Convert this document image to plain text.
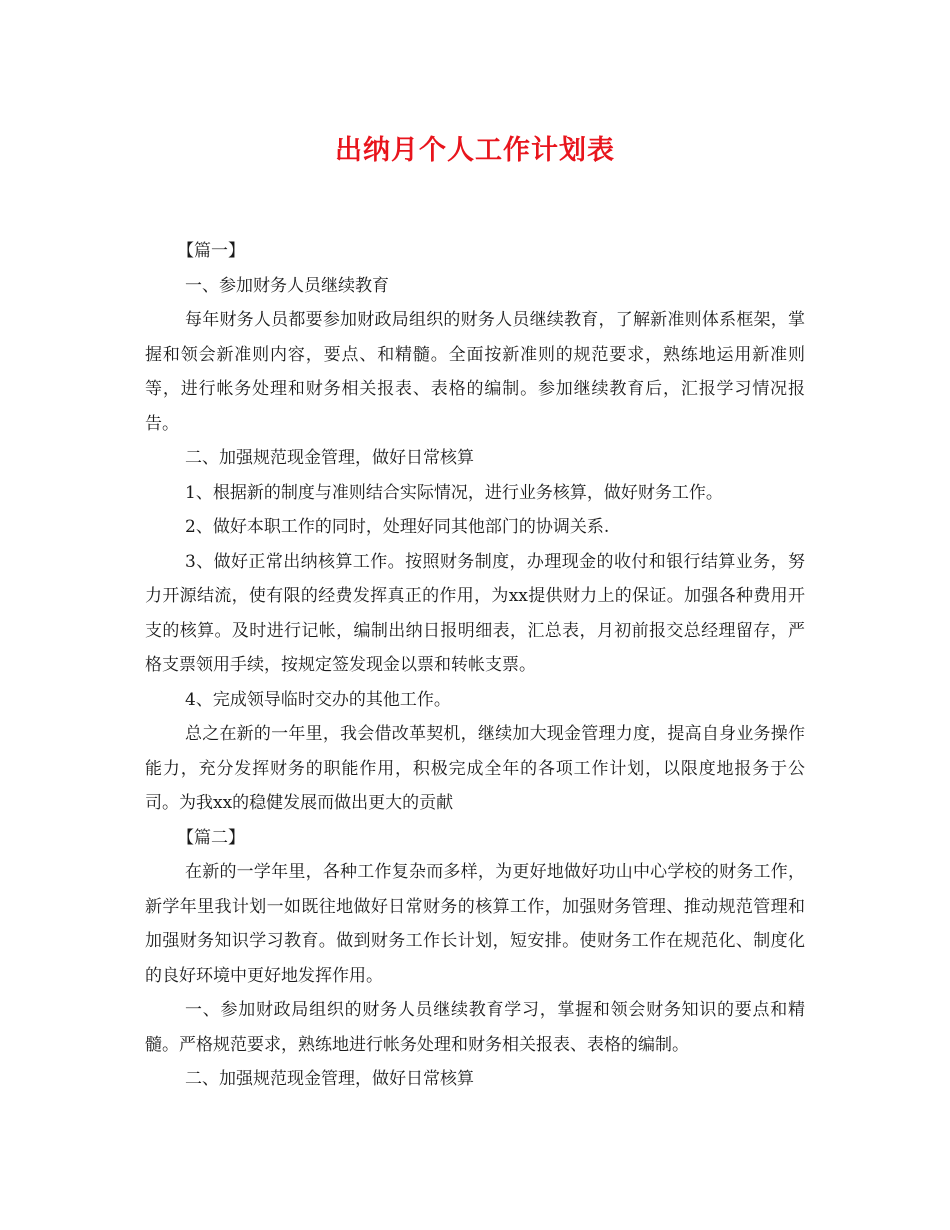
出纳月个人工作计划表

【篇一】

一、参加财务人员继续教育

每年财务人员都要参加财政局组织的财务人员继续教育，了解新准则体系框架，掌握和领会新准则内容，要点、和精髓。全面按新准则的规范要求，熟练地运用新准则等，进行帐务处理和财务相关报表、表格的编制。参加继续教育后，汇报学习情况报告。

二、加强规范现金管理，做好日常核算

1、根据新的制度与准则结合实际情况，进行业务核算，做好财务工作。

2、做好本职工作的同时，处理好同其他部门的协调关系.

3、做好正常出纳核算工作。按照财务制度，办理现金的收付和银行结算业务，努力开源结流，使有限的经费发挥真正的作用，为xx提供财力上的保证。加强各种费用开支的核算。及时进行记帐，编制出纳日报明细表，汇总表，月初前报交总经理留存，严格支票领用手续，按规定签发现金以票和转帐支票。

4、完成领导临时交办的其他工作。

总之在新的一年里，我会借改革契机，继续加大现金管理力度，提高自身业务操作能力，充分发挥财务的职能作用，积极完成全年的各项工作计划，以限度地报务于公司。为我xx的稳健发展而做出更大的贡献

【篇二】

在新的一学年里，各种工作复杂而多样，为更好地做好功山中心学校的财务工作，新学年里我计划一如既往地做好日常财务的核算工作，加强财务管理、推动规范管理和加强财务知识学习教育。做到财务工作长计划，短安排。使财务工作在规范化、制度化的良好环境中更好地发挥作用。

一、参加财政局组织的财务人员继续教育学习，掌握和领会财务知识的要点和精髓。严格规范要求，熟练地进行帐务处理和财务相关报表、表格的编制。

二、加强规范现金管理，做好日常核算
